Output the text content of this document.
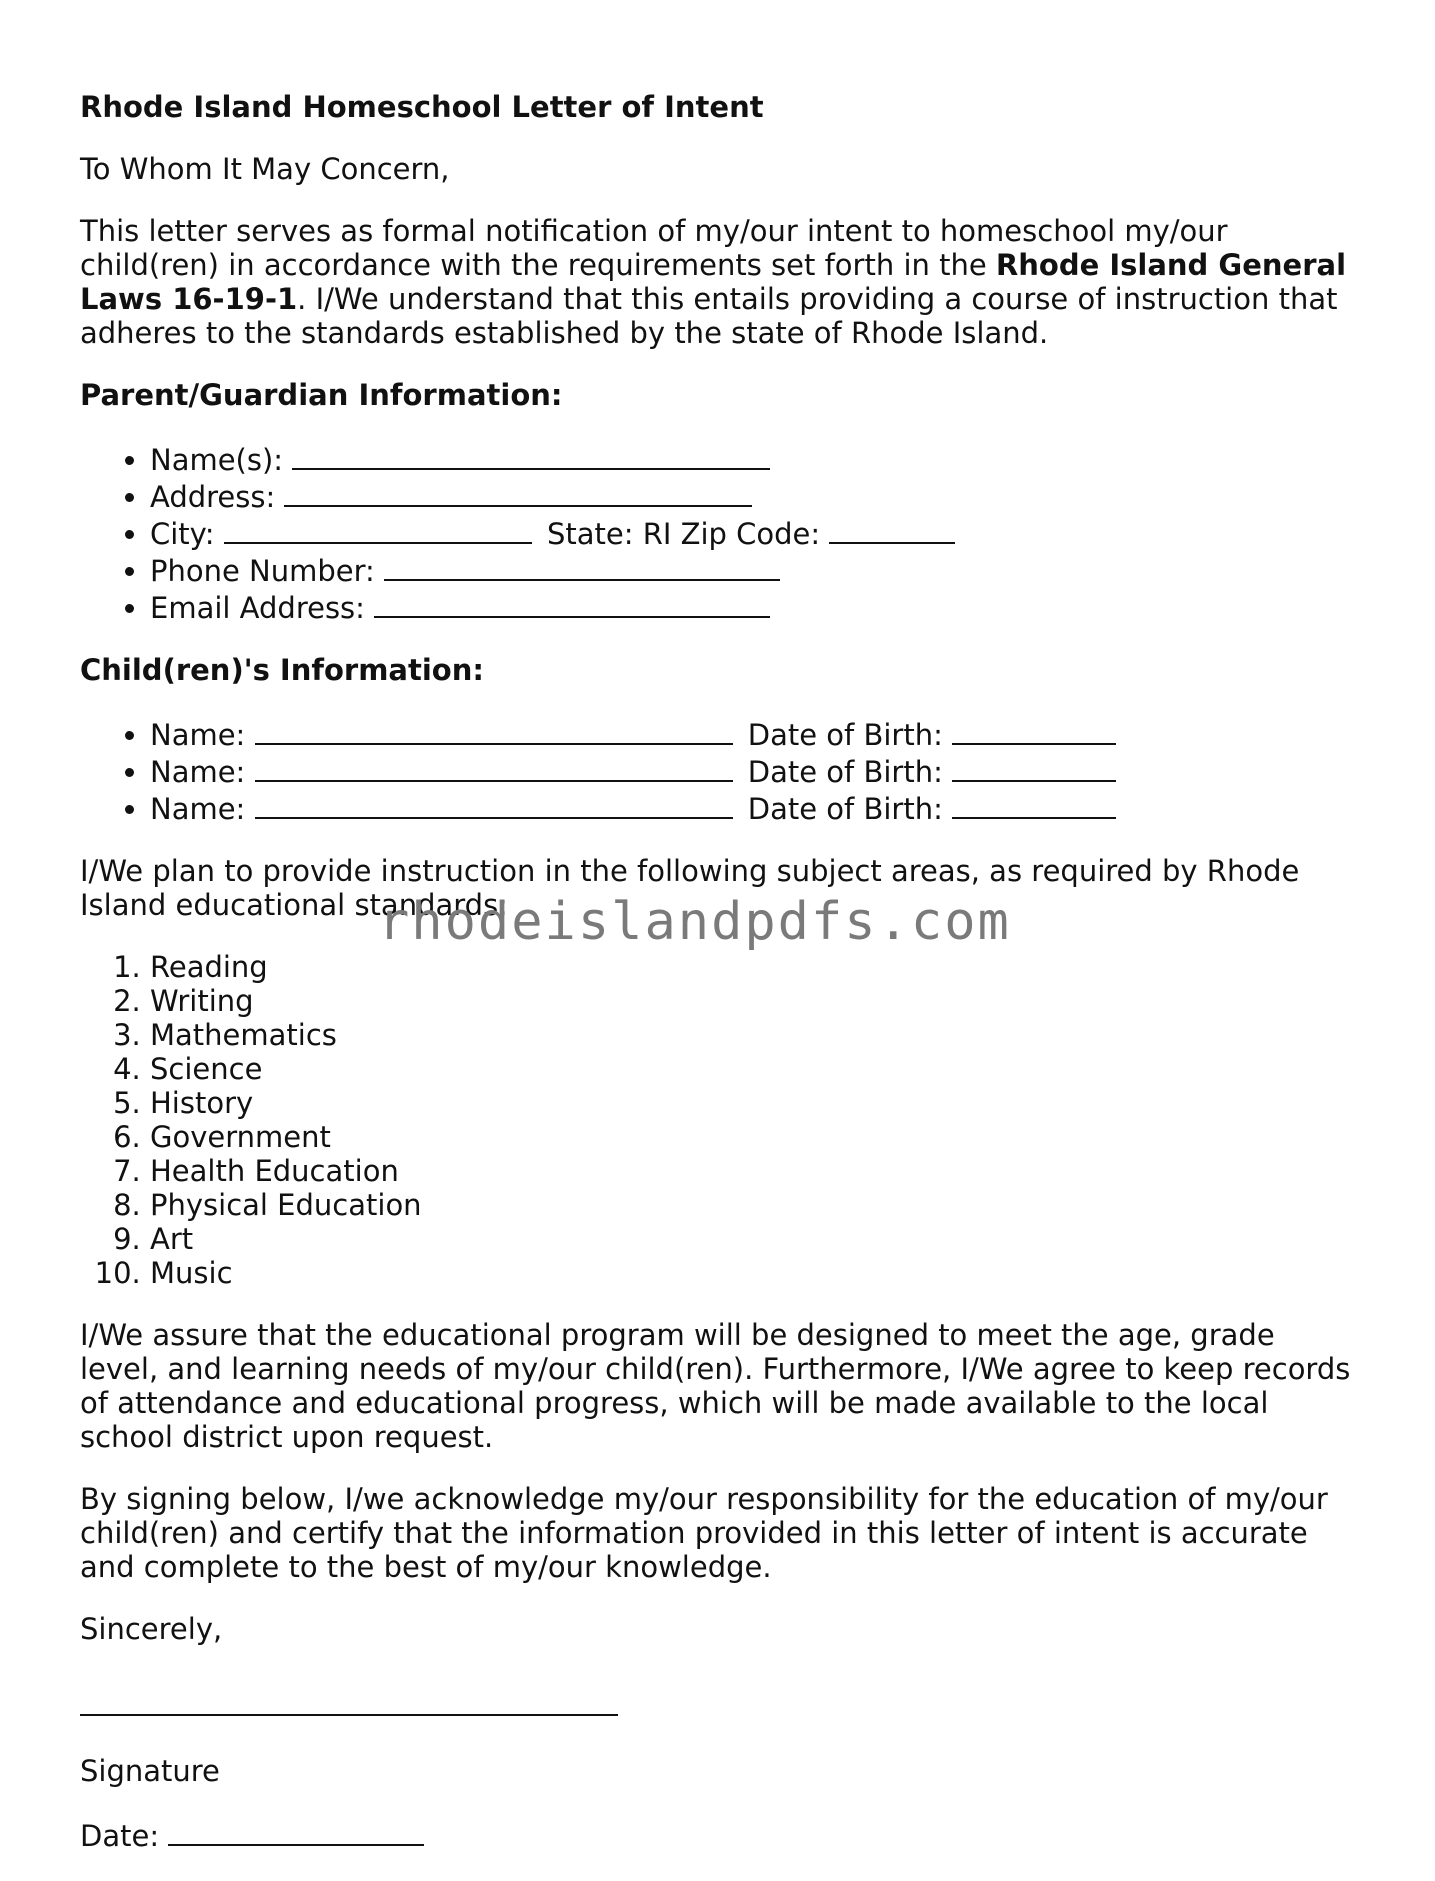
Rhode Island Homeschool Letter of Intent

To Whom It May Concern,

This letter serves as formal notification of my/our intent to homeschool my/our child(ren) in accordance with the requirements set forth in the Rhode Island General Laws 16-19-1. I/We understand that this entails providing a course of instruction that adheres to the standards established by the state of Rhode Island.

Parent/Guardian Information:
• Name(s):
• Address:
• City:	State: RI Zip Code:
• Phone Number:
• Email Address:
Child(ren)'s Information:
• Name:	Date of Birth:
• Name:	Date of Birth:
• Name:	Date of Birth:

I/We plan to provide instruction in the following subject areas, as required by Rhode Island educational standards:

1. Reading
2. Writing
3. Mathematics
4. Science
5. History
6. Government
7. Health Education
8. Physical Education
9. Art
10. Music

I/We assure that the educational program will be designed to meet the age, grade level, and learning needs of my/our child(ren). Furthermore, I/We agree to keep records of attendance and educational progress, which will be made available to the local school district upon request.

By signing below, I/we acknowledge my/our responsibility for the education of my/our child(ren) and certify that the information provided in this letter of intent is accurate and complete to the best of my/our knowledge.

Sincerely,

Signature

Date:

rhodeislandpdfs.com
